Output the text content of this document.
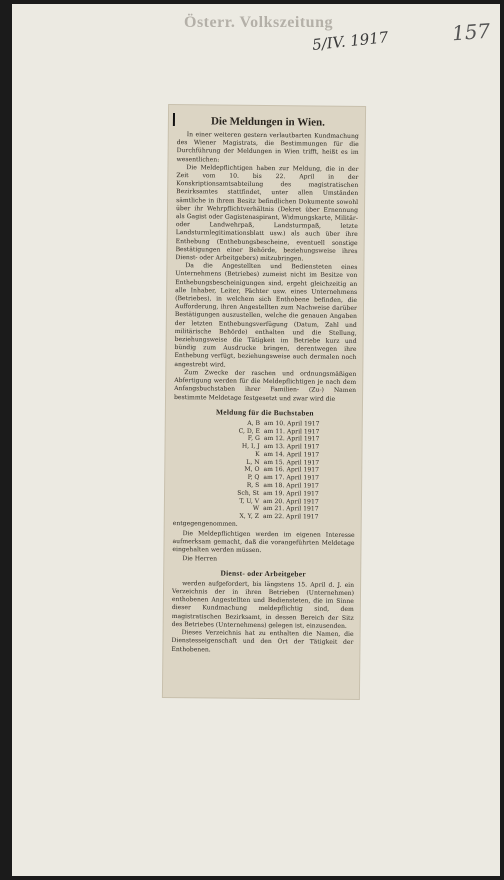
Österr. Volkszeitung
5/IV. 1917	157
Die Meldungen in Wien.

In einer weiteren gestern verlautbarten Kundmachung des Wiener Magistrats, die Bestimmungen für die Durchführung der Meldungen in Wien trifft, heißt es im wesentlichen:

Die Meldepflichtigen haben zur Meldung, die in der Zeit vom 10. bis 22. April in der Konskriptionsamtsabteilung des magistratischen Bezirksamtes stattfindet, unter allen Umständen sämtliche in ihrem Besitz befindlichen Dokumente sowohl über ihr Wehrpflichtverhältnis (Dekret über Ernennung als Gagist oder Gagistenaspirant, Widmungskarte, Militär- oder Landwehrpaß, Landsturmpaß, letzte Landsturmlegitimationsblatt usw.) als auch über ihre Enthebung (Enthebungsbescheine, eventuell sonstige Bestätigungen einer Behörde, beziehungsweise ihres Dienst- oder Arbeitgebers) mitzubringen.

Da die Angestellten und Bediensteten eines Unternehmens (Betriebes) zumeist nicht im Besitze von Enthebungsbescheinigungen sind, ergeht gleichzeitig an alle Inhaber, Leiter, Pächter usw. eines Unternehmens (Betriebes), in welchem sich Enthobene befinden, die Aufforderung, ihren Angestellten zum Nachweise darüber Bestätigungen auszustellen, welche die genauen Angaben der letzten Enthebungsverfügung (Datum, Zahl und militärische Behörde) enthalten und die Stellung, beziehungsweise die Tätigkeit im Betriebe kurz und bündig zum Ausdrucke bringen, derentwegen ihre Enthebung verfügt, beziehungsweise auch dermalen noch angestrebt wird.

Zum Zwecke der raschen und ordnungsmäßigen Abfertigung werden für die Meldepflichtigen je nach dem Anfangsbuchstaben ihrer Familien- (Zu-) Namen bestimmte Meldetage festgesetzt und zwar wird die

Meldung für die Buchstaben
A, B	am 10. April 1917
C, D, E	am 11. April 1917
F, G	am 12. April 1917
H, I, J	am 13. April 1917
K	am 14. April 1917
L, N	am 15. April 1917
M, O	am 16. April 1917
P, Q	am 17. April 1917
R, S	am 18. April 1917
Sch, St	am 19. April 1917
T, U, V	am 20. April 1917
W	am 21. April 1917
X, Y, Z	am 22. April 1917

entgegengenommen.

Die Meldepflichtigen werden im eigenen Interesse aufmerksam gemacht, daß die vorangeführten Meldetage eingehalten werden müssen.

Die Herren

Dienst- oder Arbeitgeber

werden aufgefordert, bis längstens 15. April d. J. ein Verzeichnis der in ihren Betrieben (Unternehmen) enthobenen Angestellten und Bediensteten, die im Sinne dieser Kundmachung meldepflichtig sind, dem magistratischen Bezirksamt, in dessen Bereich der Sitz des Betriebes (Unternehmens) gelegen ist, einzusenden.

Dieses Verzeichnis hat zu enthalten die Namen, die Dienstesseigenschaft und den Ort der Tätigkeit der Enthobenen.
